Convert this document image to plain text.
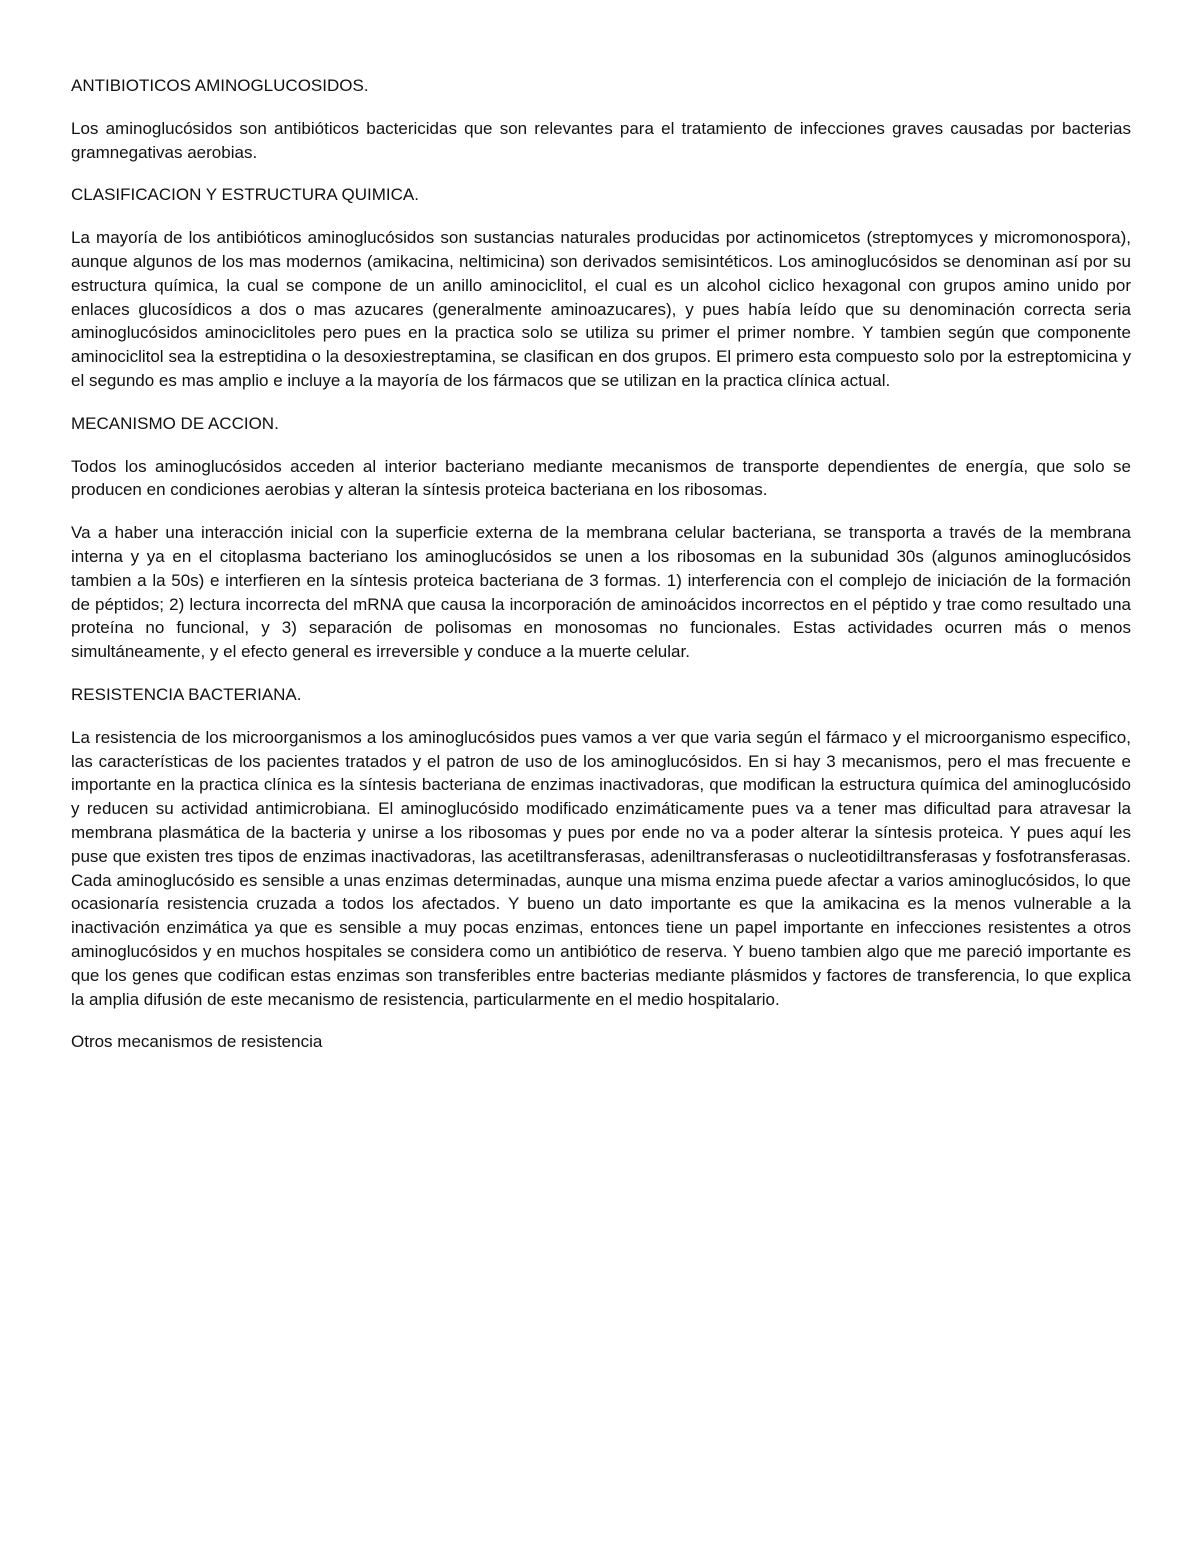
ANTIBIOTICOS AMINOGLUCOSIDOS.

Los aminoglucósidos son antibióticos bactericidas que son relevantes para el tratamiento de infecciones graves causadas por bacterias gramnegativas aerobias.

CLASIFICACION Y ESTRUCTURA QUIMICA.

La mayoría de los antibióticos aminoglucósidos son sustancias naturales producidas por actinomicetos (streptomyces y micromonospora), aunque algunos de los mas modernos (amikacina, neltimicina) son derivados semisintéticos. Los aminoglucósidos se denominan así por su estructura química, la cual se compone de un anillo aminociclitol, el cual es un alcohol ciclico hexagonal con grupos amino unido por enlaces glucosídicos a dos o mas azucares (generalmente aminoazucares), y pues había leído que su denominación correcta seria aminoglucósidos aminociclitoles pero pues en la practica solo se utiliza su primer el primer nombre. Y tambien según que componente aminociclitol sea la estreptidina o la desoxiestreptamina, se clasifican en dos grupos. El primero esta compuesto solo por la estreptomicina y el segundo es mas amplio e incluye a la mayoría de los fármacos que se utilizan en la practica clínica actual.

MECANISMO DE ACCION.

Todos los aminoglucósidos acceden al interior bacteriano mediante mecanismos de transporte dependientes de energía, que solo se producen en condiciones aerobias y alteran la síntesis proteica bacteriana en los ribosomas.

Va a haber una interacción inicial con la superficie externa de la membrana celular bacteriana, se transporta a través de la membrana interna y ya en el citoplasma bacteriano los aminoglucósidos se unen a los ribosomas en la subunidad 30s (algunos aminoglucósidos tambien a la 50s) e interfieren en la síntesis proteica bacteriana de 3 formas. 1) interferencia con el complejo de iniciación de la formación de péptidos; 2) lectura incorrecta del mRNA que causa la incorporación de aminoácidos incorrectos en el péptido y trae como resultado una proteína no funcional, y 3) separación de polisomas en monosomas no funcionales. Estas actividades ocurren más o menos simultáneamente, y el efecto general es irreversible y conduce a la muerte celular.

RESISTENCIA BACTERIANA.

La resistencia de los microorganismos a los aminoglucósidos pues vamos a ver que varia según el fármaco y el microorganismo especifico, las características de los pacientes tratados y el patron de uso de los aminoglucósidos. En si hay 3 mecanismos, pero el mas frecuente e importante en la practica clínica es la síntesis bacteriana de enzimas inactivadoras, que modifican la estructura química del aminoglucósido y reducen su actividad antimicrobiana. El aminoglucósido modificado enzimáticamente pues va a tener mas dificultad para atravesar la membrana plasmática de la bacteria y unirse a los ribosomas y pues por ende no va a poder alterar la síntesis proteica. Y pues aquí les puse que existen tres tipos de enzimas inactivadoras, las acetiltransferasas, adeniltransferasas o nucleotidiltransferasas y fosfotransferasas. Cada aminoglucósido es sensible a unas enzimas determinadas, aunque una misma enzima puede afectar a varios aminoglucósidos, lo que ocasionaría resistencia cruzada a todos los afectados. Y bueno un dato importante es que la amikacina es la menos vulnerable a la inactivación enzimática ya que es sensible a muy pocas enzimas, entonces tiene un papel importante en infecciones resistentes a otros aminoglucósidos y en muchos hospitales se considera como un antibiótico de reserva. Y bueno tambien algo que me pareció importante es que los genes que codifican estas enzimas son transferibles entre bacterias mediante plásmidos y factores de transferencia, lo que explica la amplia difusión de este mecanismo de resistencia, particularmente en el medio hospitalario.

Otros mecanismos de resistencia
